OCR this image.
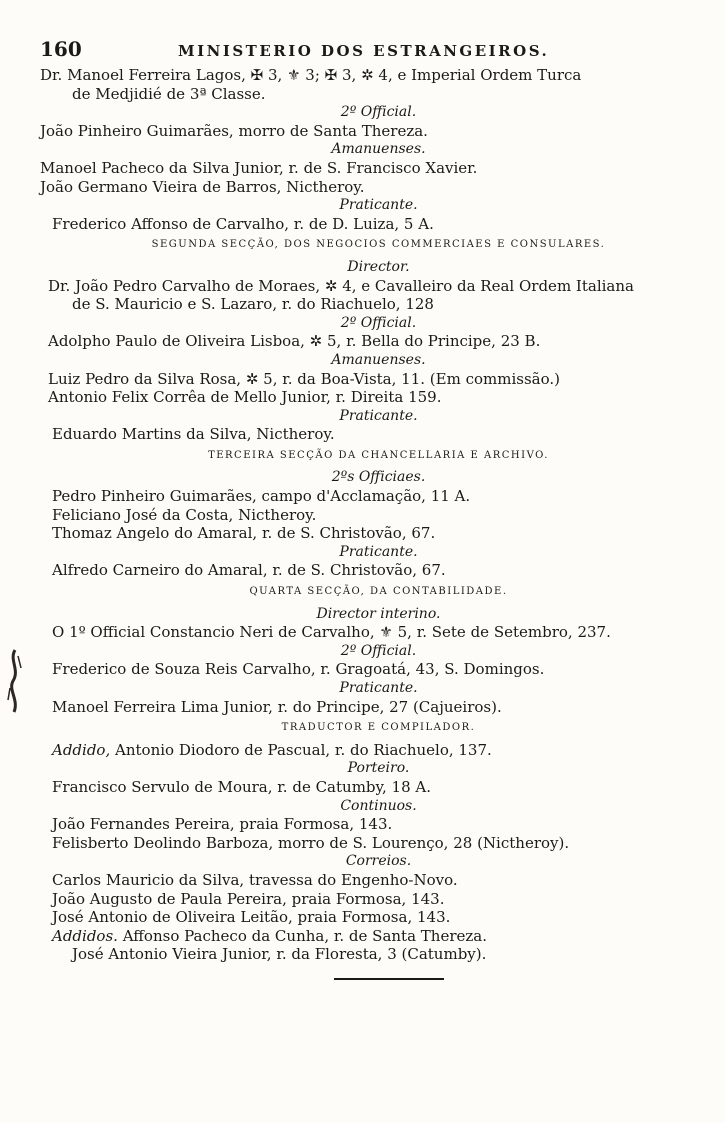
160	MINISTERIO DOS ESTRANGEIROS.
Dr. Manoel Ferreira Lagos, ✠ 3, ⚜ 3; ✠ 3, ✲ 4, e Imperial Ordem Turca
de Medjidié de 3ª Classe.
2º Official.
João Pinheiro Guimarães, morro de Santa Thereza.
Amanuenses.
Manoel Pacheco da Silva Junior, r. de S. Francisco Xavier.
João Germano Vieira de Barros, Nictheroy.
Praticante.
Frederico Affonso de Carvalho, r. de D. Luiza, 5 A.
SEGUNDA SECÇÃO, DOS NEGOCIOS COMMERCIAES E CONSULARES.
Director.
Dr. João Pedro Carvalho de Moraes, ✲ 4, e Cavalleiro da Real Ordem Italiana
de S. Mauricio e S. Lazaro, r. do Riachuelo, 128
2º Official.
Adolpho Paulo de Oliveira Lisboa, ✲ 5, r. Bella do Principe, 23 B.
Amanuenses.
Luiz Pedro da Silva Rosa, ✲ 5, r. da Boa-Vista, 11. (Em commissão.)
Antonio Felix Corrêa de Mello Junior, r. Direita 159.
Praticante.
Eduardo Martins da Silva, Nictheroy.
TERCEIRA SECÇÃO DA CHANCELLARIA E ARCHIVO.
2ºs Officiaes.
Pedro Pinheiro Guimarães, campo d'Acclamação, 11 A.
Feliciano José da Costa, Nictheroy.
Thomaz Angelo do Amaral, r. de S. Christovão, 67.
Praticante.
Alfredo Carneiro do Amaral, r. de S. Christovão, 67.
QUARTA SECÇÃO, DA CONTABILIDADE.
Director interino.
O 1º Official Constancio Neri de Carvalho, ⚜ 5, r. Sete de Setembro, 237.
2º Official.
Frederico de Souza Reis Carvalho, r. Gragoatá, 43, S. Domingos.
Praticante.
Manoel Ferreira Lima Junior, r. do Principe, 27 (Cajueiros).
TRADUCTOR E COMPILADOR.
Addido, Antonio Diodoro de Pascual, r. do Riachuelo, 137.
Porteiro.
Francisco Servulo de Moura, r. de Catumby, 18 A.
Continuos.
João Fernandes Pereira, praia Formosa, 143.
Felisberto Deolindo Barboza, morro de S. Lourenço, 28 (Nictheroy).
Correios.
Carlos Mauricio da Silva, travessa do Engenho-Novo.
João Augusto de Paula Pereira, praia Formosa, 143.
José Antonio de Oliveira Leitão, praia Formosa, 143.
Addidos. Affonso Pacheco da Cunha, r. de Santa Thereza.
José Antonio Vieira Junior, r. da Floresta, 3 (Catumby).
